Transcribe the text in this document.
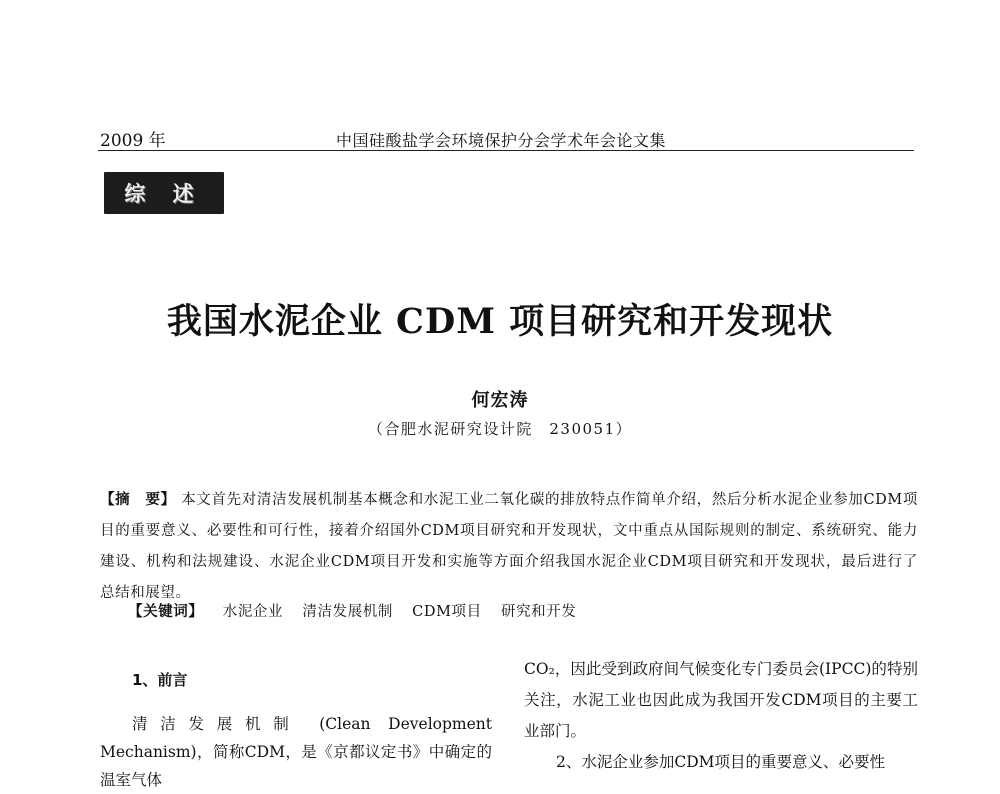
2009 年	中国硅酸盐学会环境保护分会学术年会论文集
综 述
我国水泥企业 CDM 项目研究和开发现状
何宏涛
（合肥水泥研究设计院　230051）

【摘　要】 本文首先对清洁发展机制基本概念和水泥工业二氧化碳的排放特点作简单介绍，然后分析水泥企业参加CDM项目的重要意义、必要性和可行性，接着介绍国外CDM项目研究和开发现状，文中重点从国际规则的制定、系统研究、能力建设、机构和法规建设、水泥企业CDM项目开发和实施等方面介绍我国水泥企业CDM项目研究和开发现状，最后进行了总结和展望。

【关键词】 水泥企业 清洁发展机制 CDM项目 研究和开发
1、前言

清洁发展机制 (Clean Development Mechanism)，简称CDM，是《京都议定书》中确定的温室气体

CO₂，因此受到政府间气候变化专门委员会(IPCC)的特别关注，水泥工业也因此成为我国开发CDM项目的主要工业部门。

2、水泥企业参加CDM项目的重要意义、必要性
